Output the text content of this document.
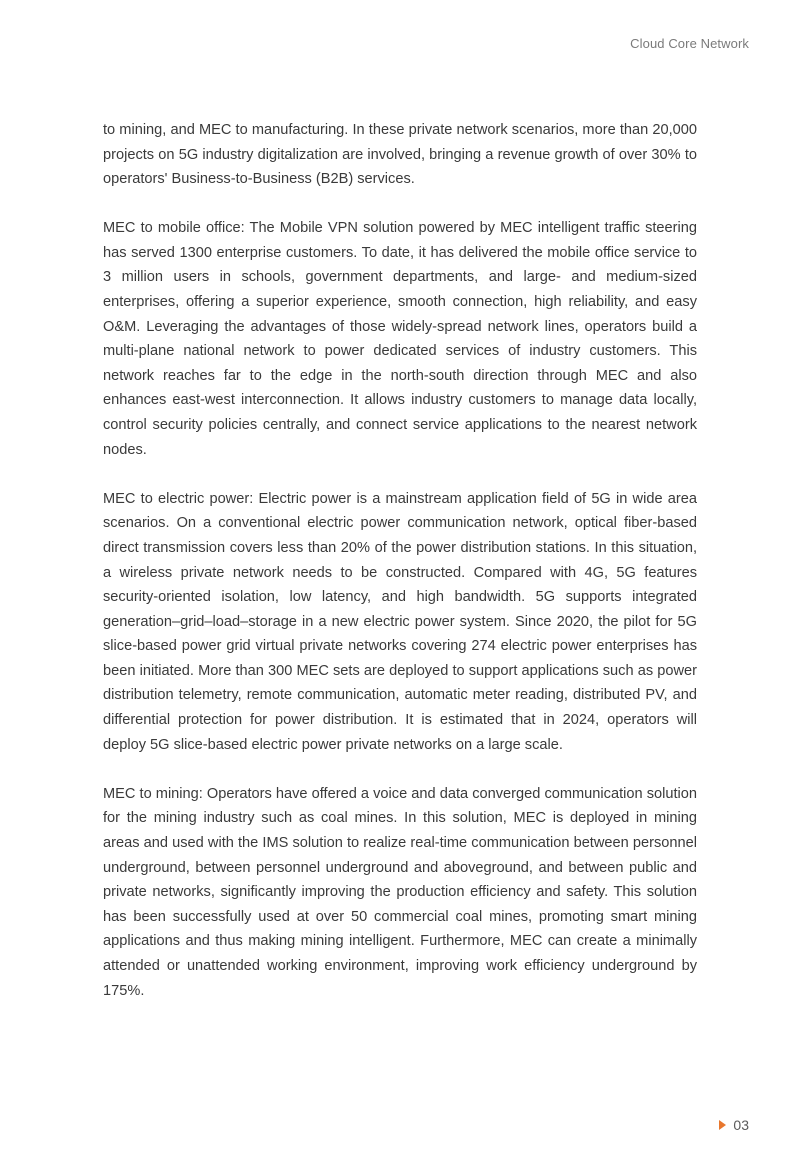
Cloud Core Network

to mining, and MEC to manufacturing. In these private network scenarios, more than 20,000 projects on 5G industry digitalization are involved, bringing a revenue growth of over 30% to operators' Business-to-Business (B2B) services.

MEC to mobile office: The Mobile VPN solution powered by MEC intelligent traffic steering has served 1300 enterprise customers. To date, it has delivered the mobile office service to 3 million users in schools, government departments, and large- and medium-sized enterprises, offering a superior experience, smooth connection, high reliability, and easy O&M. Leveraging the advantages of those widely-spread network lines, operators build a multi-plane national network to power dedicated services of industry customers. This network reaches far to the edge in the north-south direction through MEC and also enhances east-west interconnection. It allows industry customers to manage data locally, control security policies centrally, and connect service applications to the nearest network nodes.

MEC to electric power: Electric power is a mainstream application field of 5G in wide area scenarios. On a conventional electric power communication network, optical fiber-based direct transmission covers less than 20% of the power distribution stations. In this situation, a wireless private network needs to be constructed. Compared with 4G, 5G features security-oriented isolation, low latency, and high bandwidth. 5G supports integrated generation–grid–load–storage in a new electric power system. Since 2020, the pilot for 5G slice-based power grid virtual private networks covering 274 electric power enterprises has been initiated. More than 300 MEC sets are deployed to support applications such as power distribution telemetry, remote communication, automatic meter reading, distributed PV, and differential protection for power distribution. It is estimated that in 2024, operators will deploy 5G slice-based electric power private networks on a large scale.

MEC to mining: Operators have offered a voice and data converged communication solution for the mining industry such as coal mines. In this solution, MEC is deployed in mining areas and used with the IMS solution to realize real-time communication between personnel underground, between personnel underground and aboveground, and between public and private networks, significantly improving the production efficiency and safety. This solution has been successfully used at over 50 commercial coal mines, promoting smart mining applications and thus making mining intelligent. Furthermore, MEC can create a minimally attended or unattended working environment, improving work efficiency underground by 175%.

03
